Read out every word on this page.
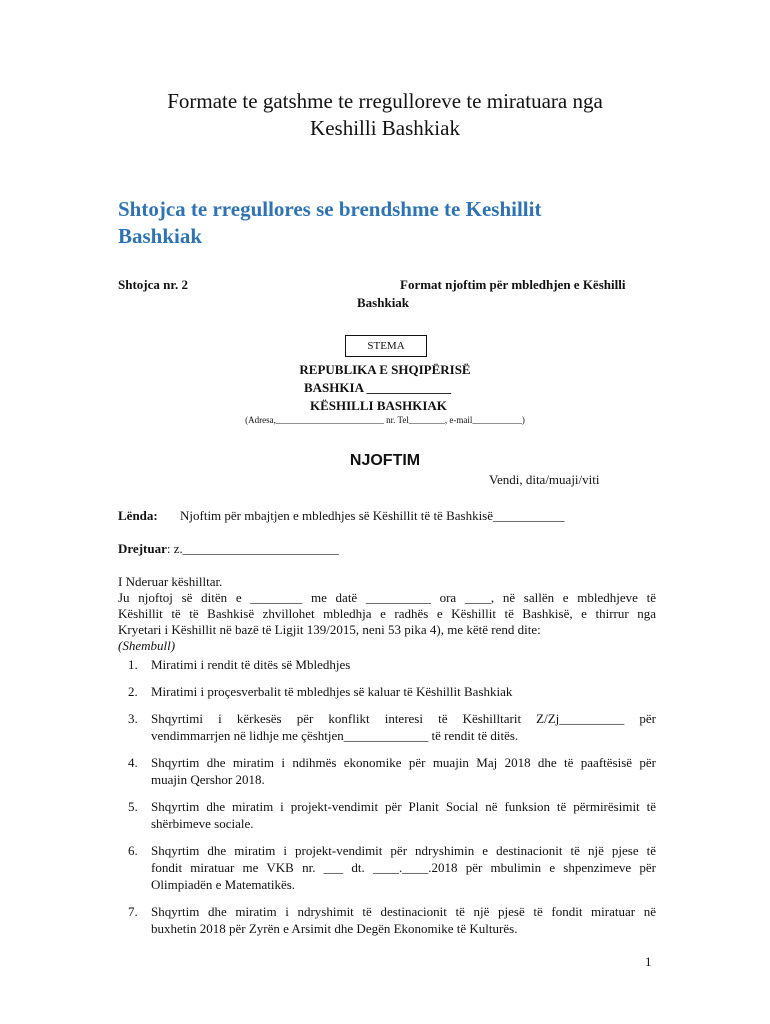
Formate te gatshme te rregulloreve te miratuara nga
Keshilli Bashkiak
Shtojca te rregullores se brendshme te Keshillit
Bashkiak
Shtojca nr. 2	Format njoftim për mbledhjen e Këshilli
Bashkiak
STEMA
REPUBLIKA E SHQIPËRISË
BASHKIA _____________
KËSHILLI BASHKIAK
(Adresa,________________________ nr. Tel________, e-mail___________)
NJOFTIM
Vendi, dita/muaji/viti
Lënda: Njoftim për mbajtjen e mbledhjes së Këshillit të të Bashkisë___________
Drejtuar: z.________________________

I Nderuar këshilltar.

Ju njoftoj së ditën e ________ me datë __________ ora ____, në sallën e mbledhjeve të

Këshillit të të Bashkisë zhvillohet mbledhja e radhës e Këshillit të Bashkisë, e thirrur nga

Kryetari i Këshillit në bazë të Ligjit 139/2015, neni 53 pika 4), me këtë rend dite:

(Shembull)

1. Miratimi i rendit të ditës së Mbledhjes
2. Miratimi i proçesverbalit të mbledhjes së kaluar të Këshillit Bashkiak
3. Shqyrtimi i kërkesës për konflikt interesi të Këshilltarit Z/Zj__________ për
vendimmarrjen në lidhje me çështjen_____________ të rendit të ditës.
4. Shqyrtim dhe miratim i ndihmës ekonomike për muajin Maj 2018 dhe të paaftësisë për
muajin Qershor 2018.
5. Shqyrtim dhe miratim i projekt-vendimit për Planit Social në funksion të përmirësimit të
shërbimeve sociale.
6. Shqyrtim dhe miratim i projekt-vendimit për ndryshimin e destinacionit të një pjese të
fondit miratuar me VKB nr. ___ dt. ____.____.2018 për mbulimin e shpenzimeve për
Olimpiadën e Matematikës.
7. Shqyrtim dhe miratim i ndryshimit të destinacionit të një pjesë të fondit miratuar në
buxhetin 2018 për Zyrën e Arsimit dhe Degën Ekonomike të Kulturës.
1
